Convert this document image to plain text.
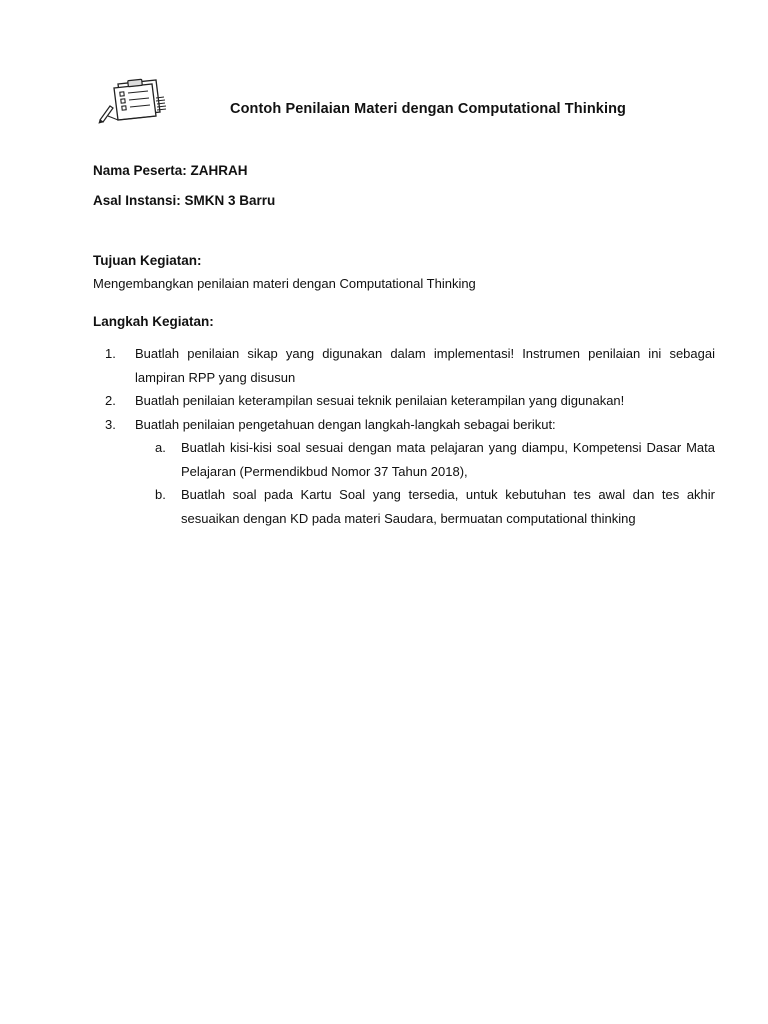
Contoh Penilaian Materi dengan Computational Thinking
Nama Peserta: ZAHRAH
Asal Instansi: SMKN 3 Barru
Tujuan Kegiatan:
Mengembangkan penilaian materi dengan Computational Thinking
Langkah Kegiatan:
1.	Buatlah penilaian sikap yang digunakan dalam implementasi! Instrumen penilaian ini sebagai lampiran RPP yang disusun
2.	Buatlah penilaian keterampilan sesuai teknik penilaian keterampilan yang digunakan!
3.	Buatlah penilaian pengetahuan dengan langkah-langkah sebagai berikut:
a.	Buatlah kisi-kisi soal sesuai dengan mata pelajaran yang diampu, Kompetensi Dasar Mata Pelajaran (Permendikbud Nomor 37 Tahun 2018),
b.	Buatlah soal pada Kartu Soal yang tersedia, untuk kebutuhan tes awal dan tes akhir sesuaikan dengan KD pada materi Saudara, bermuatan computational thinking
